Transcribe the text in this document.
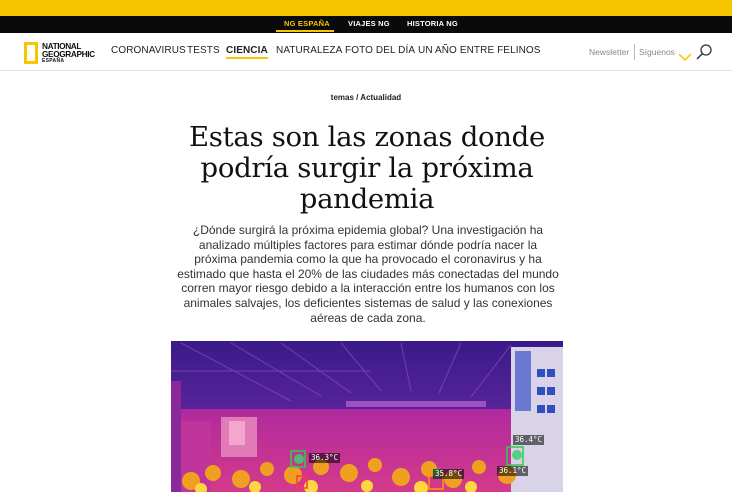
NG ESPAÑA VIAJES NG HISTORIA NG
NATIONAL
GEOGRAPHIC
ESPAÑA
CORONAVIRUS TESTS CIENCIA NATURALEZA FOTO DEL DÍA UN AÑO ENTRE FELINOS	Newsletter Síguenos
temas / Actualidad
Estas son las zonas donde podría surgir la próxima pandemia

¿Dónde surgirá la próxima epidemia global? Una investigación ha analizado múltiples factores para estimar dónde podría nacer la próxima pandemia como la que ha provocado el coronavirus y ha estimado que hasta el 20% de las ciudades más conectadas del mundo corren mayor riesgo debido a la interacción entre los humanos con los animales salvajes, los deficientes sistemas de salud y las conexiones aéreas de cada zona.

36.4°C
36.3°C
35.8°C	36.1°C
